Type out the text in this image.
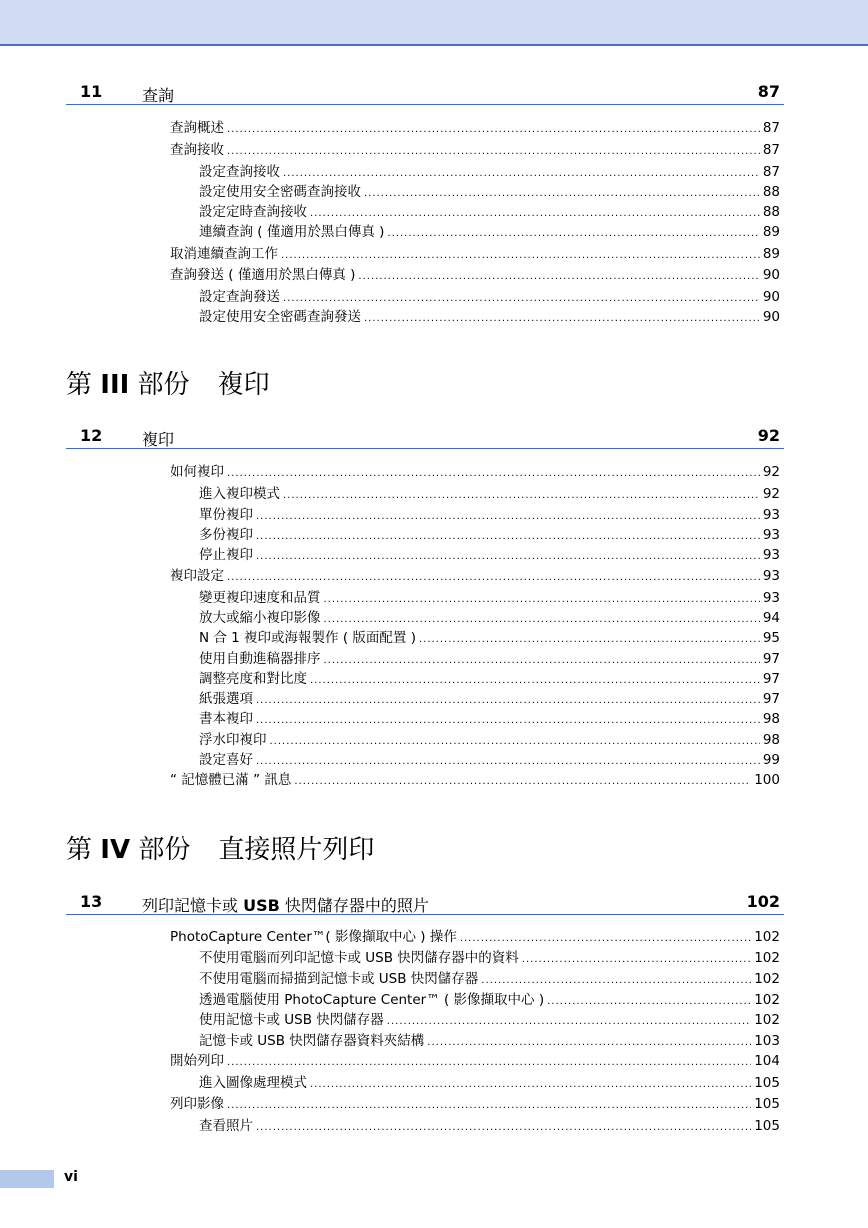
11 查詢	87
查詢概述 .....	87
查詢接收 .....	87
設定查詢接收 .....	87
設定使用安全密碼查詢接收 .....	88
設定定時查詢接收 .....	88
連續查詢 ( 僅適用於黑白傳真 ) .....	89
取消連續查詢工作 .....	89
查詢發送 ( 僅適用於黑白傳真 ) .....	90
設定查詢發送 .....	90
設定使用安全密碼查詢發送 .....	90
第 III 部份 複印
12 複印	92
如何複印 .....	92
進入複印模式 .....	92
單份複印 .....	93
多份複印 .....	93
停止複印 .....	93
複印設定 .....	93
變更複印速度和品質 .....	93
放大或縮小複印影像 .....	94
N 合 1 複印或海報製作 ( 版面配置 ) .....	95
使用自動進稿器排序 .....	97
調整亮度和對比度 .....	97
紙張選項 .....	97
書本複印 .....	98
浮水印複印 .....	98
設定喜好 .....	99
“ 記憶體已滿 ” 訊息 .....	100
第 IV 部份 直接照片列印
13 列印記憶卡或 USB 快閃儲存器中的照片	102
PhotoCapture Center™( 影像擷取中心 ) 操作 .....	102
不使用電腦而列印記憶卡或 USB 快閃儲存器中的資料 .....	102
不使用電腦而掃描到記憶卡或 USB 快閃儲存器 .....	102
透過電腦使用 PhotoCapture Center™ ( 影像擷取中心 ) .....	102
使用記憶卡或 USB 快閃儲存器 .....	102
記憶卡或 USB 快閃儲存器資料夾結構 .....	103
開始列印 .....	104
進入圖像處理模式 .....	105
列印影像 .....	105
查看照片 .....	105
vi
